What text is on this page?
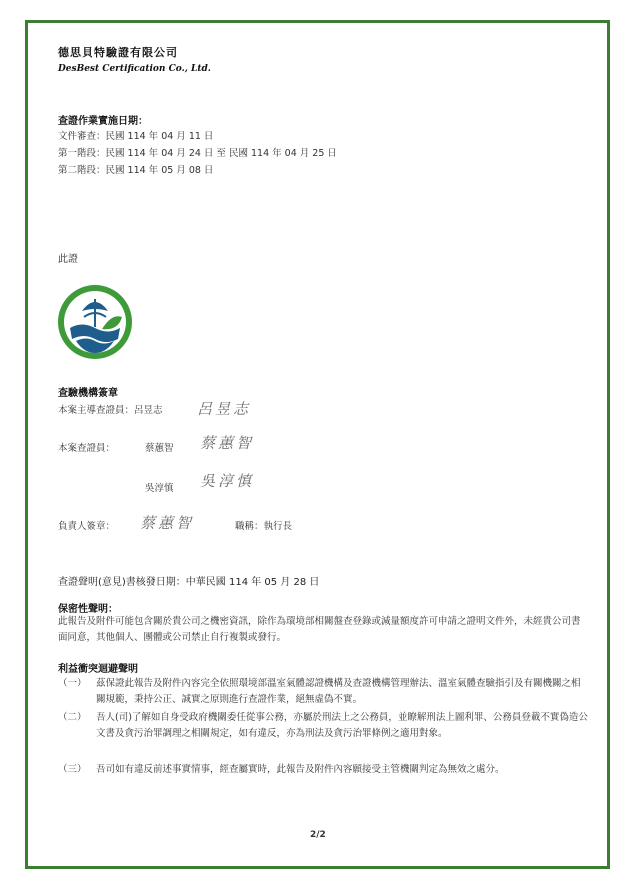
德思貝特驗證有限公司
DesBest Certification Co., Ltd.
查證作業實施日期：
文件審查：民國 114 年 04 月 11 日
第一階段：民國 114 年 04 月 24 日 至 民國 114 年 04 月 25 日
第二階段：民國 114 年 05 月 08 日
此證
查驗機構簽章
本案主導查證員：呂昱志 呂昱志
本案查證員：	蔡蕙智 蔡蕙智
吳淳慎 吳淳慎
負責人簽章： 蔡蕙智	職稱：執行長
查證聲明(意見)書核發日期：中華民國 114 年 05 月 28 日
保密性聲明：
此報告及附件可能包含關於貴公司之機密資訊，除作為環境部相關盤查登錄或減量額度許可申請之證明文件外，未經貴公司書面同意，其他個人、團體或公司禁止自行複製或發行。
利益衝突迴避聲明
（一） 茲保證此報告及附件內容完全依照環境部溫室氣體認證機構及查證機構管理辦法、溫室氣體查驗指引及有關機關之相關規範，秉持公正、誠實之原則進行查證作業，絕無虛偽不實。
（二） 吾人(司)了解如自身受政府機關委任從事公務，亦屬於刑法上之公務員，並瞭解刑法上圖利罪、公務員登載不實偽造公文書及貪污治罪調理之相關規定，如有違反，亦為刑法及貪污治罪條例之適用對象。
（三） 吾司如有違反前述事實情事，經查屬實時，此報告及附件內容願接受主管機關判定為無效之處分。
2/2
